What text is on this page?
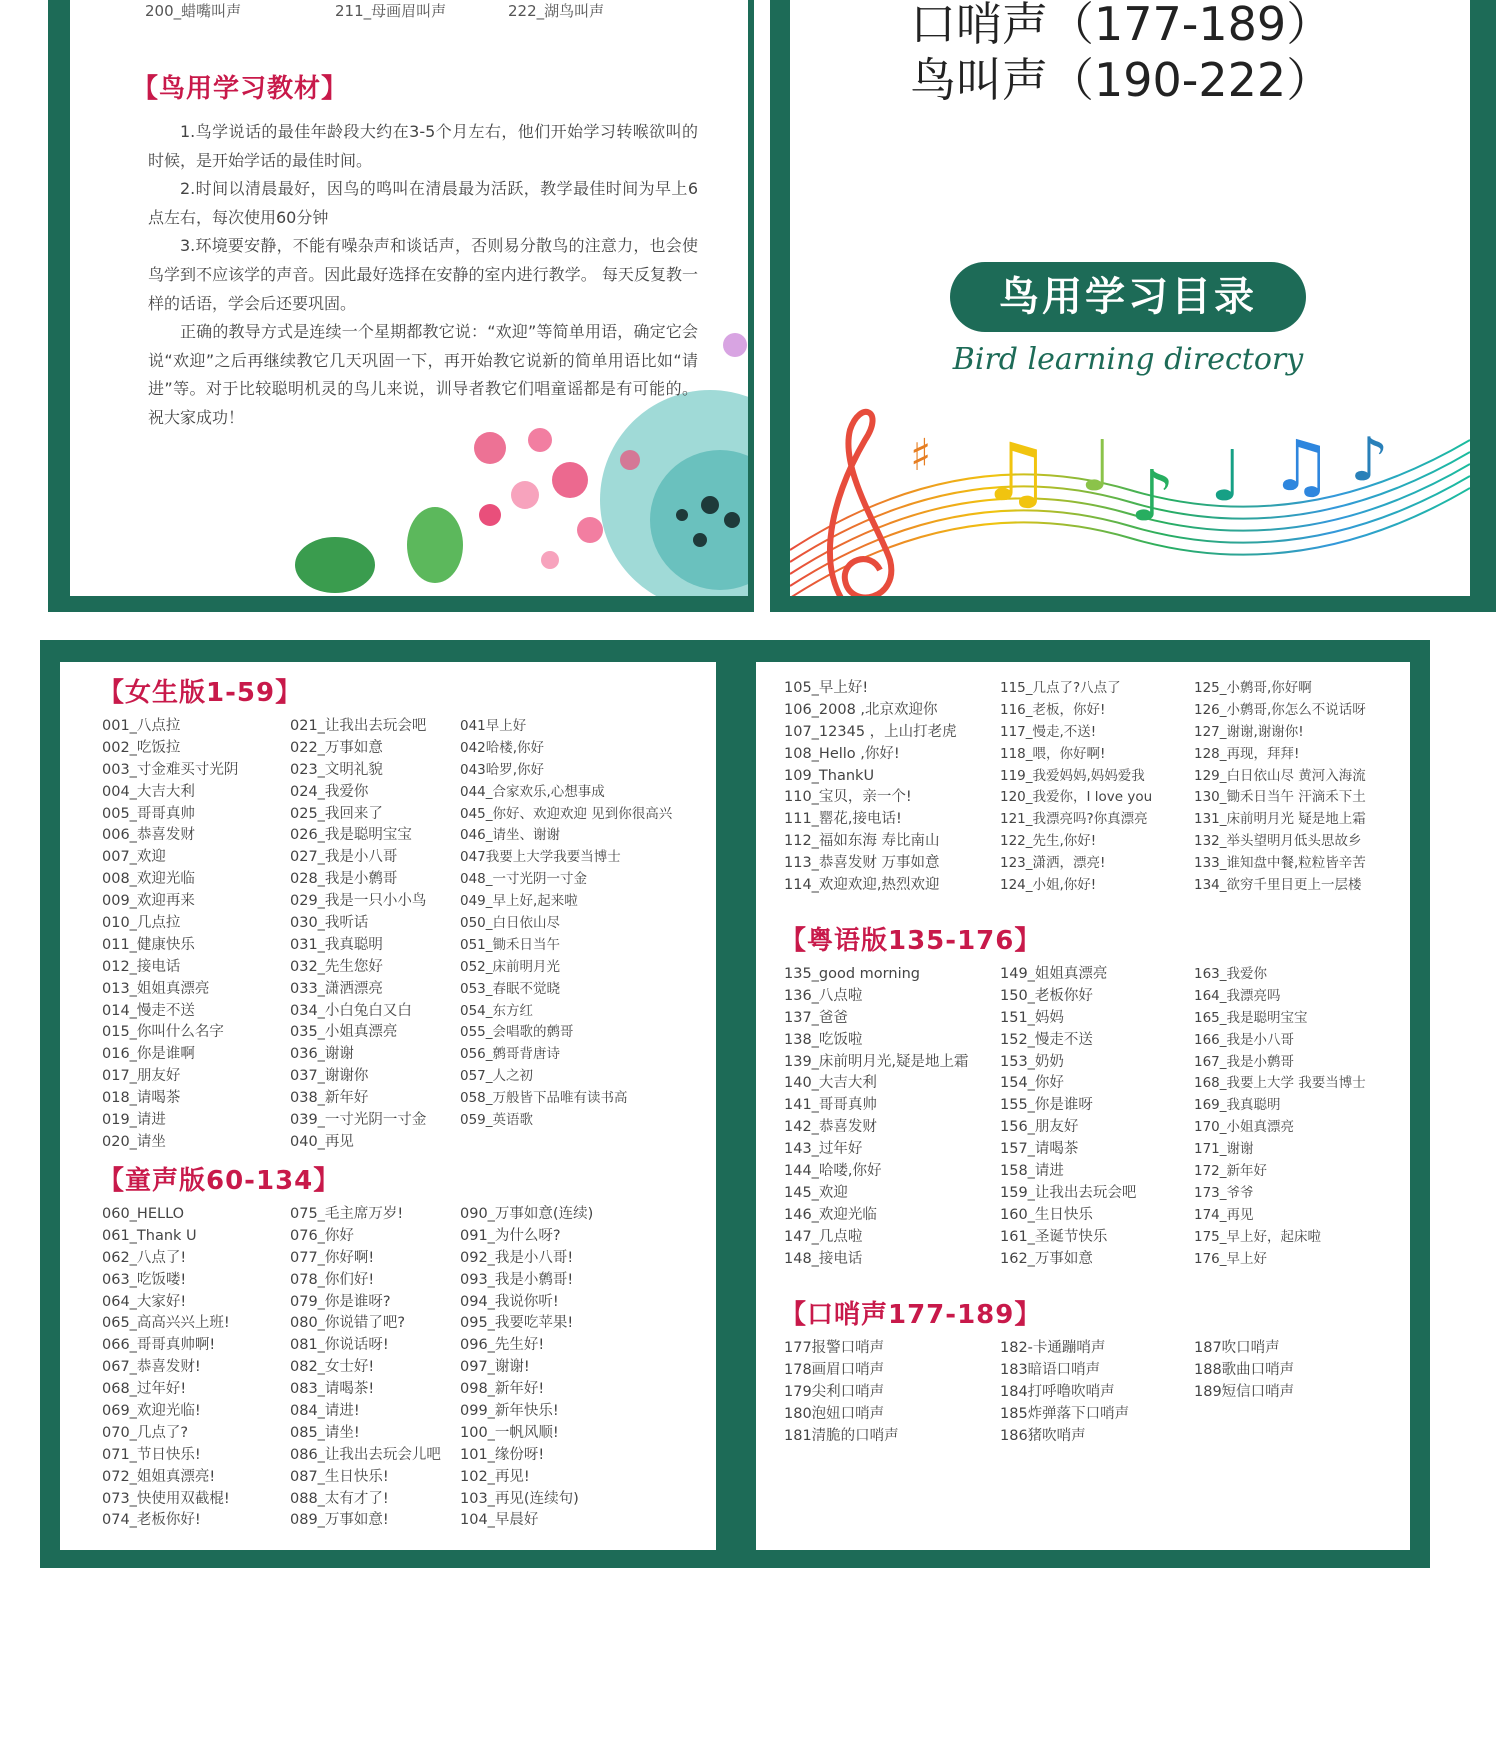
200_蜡嘴叫声	211_母画眉叫声	222_湖鸟叫声
【鸟用学习教材】

1.鸟学说话的最佳年龄段大约在3-5个月左右，他们开始学习转喉欲叫的时候，是开始学话的最佳时间。

2.时间以清晨最好，因鸟的鸣叫在清晨最为活跃，教学最佳时间为早上6点左右，每次使用60分钟

3.环境要安静，不能有噪杂声和谈话声，否则易分散鸟的注意力，也会使鸟学到不应该学的声音。因此最好选择在安静的室内进行教学。 每天反复教一样的话语，学会后还要巩固。

正确的教导方式是连续一个星期都教它说：“欢迎”等简单用语，确定它会说“欢迎”之后再继续教它几天巩固一下，再开始教它说新的简单用语比如“请进”等。对于比较聪明机灵的鸟儿来说，训导者教它们唱童谣都是有可能的。祝大家成功！

口哨声（177-189）
鸟叫声（190-222）
♯ ♫ ♩ ♪ ♩ ♫ ♪
鸟用学习目录
Bird learning directory
【女生版1-59】
001_八点拉
002_吃饭拉
003_寸金难买寸光阴
004_大吉大利
005_哥哥真帅
006_恭喜发财
007_欢迎
008_欢迎光临
009_欢迎再来
010_几点拉
011_健康快乐
012_接电话
013_姐姐真漂亮
014_慢走不送
015_你叫什么名字
016_你是谁啊
017_朋友好
018_请喝茶
019_请进
020_请坐
021_让我出去玩会吧
022_万事如意
023_文明礼貌
024_我爱你
025_我回来了
026_我是聪明宝宝
027_我是小八哥
028_我是小鹩哥
029_我是一只小小鸟
030_我听话
031_我真聪明
032_先生您好
033_潇洒漂亮
034_小白兔白又白
035_小姐真漂亮
036_谢谢
037_谢谢你
038_新年好
039_一寸光阴一寸金
040_再见
041早上好
042哈楼,你好
043哈罗,你好
044_合家欢乐,心想事成
045_你好、欢迎欢迎 见到你很高兴
046_请坐、谢谢
047我要上大学我要当博士
048_一寸光阴一寸金
049_早上好,起来啦
050_白日依山尽
051_锄禾日当午
052_床前明月光
053_春眠不觉晓
054_东方红
055_会唱歌的鹩哥
056_鹩哥背唐诗
057_人之初
058_万般皆下品唯有读书高
059_英语歌
【童声版60-134】
060_HELLO
061_Thank U
062_八点了!
063_吃饭喽!
064_大家好!
065_高高兴兴上班!
066_哥哥真帅啊!
067_恭喜发财!
068_过年好!
069_欢迎光临!
070_几点了?
071_节日快乐!
072_姐姐真漂亮!
073_快使用双截棍!
074_老板你好!
075_毛主席万岁!
076_你好
077_你好啊!
078_你们好!
079_你是谁呀?
080_你说错了吧?
081_你说话呀!
082_女士好!
083_请喝茶!
084_请进!
085_请坐!
086_让我出去玩会儿吧
087_生日快乐!
088_太有才了!
089_万事如意!
090_万事如意(连续)
091_为什么呀?
092_我是小八哥!
093_我是小鹩哥!
094_我说你听!
095_我要吃苹果!
096_先生好!
097_谢谢!
098_新年好!
099_新年快乐!
100_一帆风顺!
101_缘份呀!
102_再见!
103_再见(连续句)
104_早晨好
105_早上好!
106_2008 ,北京欢迎你
107_12345 ，上山打老虎
108_Hello ,你好!
109_ThankU
110_宝贝，亲一个!
111_罂花,接电话!
112_福如东海 寿比南山
113_恭喜发财 万事如意
114_欢迎欢迎,热烈欢迎
115_几点了?八点了
116_老板，你好!
117_慢走,不送!
118_喂，你好啊!
119_我爱妈妈,妈妈爱我
120_我爱你，I love you
121_我漂亮吗?你真漂亮
122_先生,你好!
123_潇洒，漂亮!
124_小姐,你好!
125_小鹩哥,你好啊
126_小鹩哥,你怎么不说话呀
127_谢谢,谢谢你!
128_再现，拜拜!
129_白日依山尽 黄河入海流
130_锄禾日当午 汗滴禾下土
131_床前明月光 疑是地上霜
132_举头望明月低头思故乡
133_谁知盘中餐,粒粒皆辛苦
134_欲穷千里目更上一层楼
【粤语版135-176】
135_good morning
136_八点啦
137_爸爸
138_吃饭啦
139_床前明月光,疑是地上霜
140_大吉大利
141_哥哥真帅
142_恭喜发财
143_过年好
144_哈喽,你好
145_欢迎
146_欢迎光临
147_几点啦
148_接电话
149_姐姐真漂亮
150_老板你好
151_妈妈
152_慢走不送
153_奶奶
154_你好
155_你是谁呀
156_朋友好
157_请喝茶
158_请进
159_让我出去玩会吧
160_生日快乐
161_圣诞节快乐
162_万事如意
163_我爱你
164_我漂亮吗
165_我是聪明宝宝
166_我是小八哥
167_我是小鹩哥
168_我要上大学 我要当博士
169_我真聪明
170_小姐真漂亮
171_谢谢
172_新年好
173_爷爷
174_再见
175_早上好，起床啦
176_早上好
【口哨声177-189】
177报警口哨声
178画眉口哨声
179尖利口哨声
180泡妞口哨声
181清脆的口哨声
182-卡通蹦哨声
183暗语口哨声
184打呼噜吹哨声
185炸弹落下口哨声
186猪吹哨声
187吹口哨声
188歌曲口哨声
189短信口哨声
